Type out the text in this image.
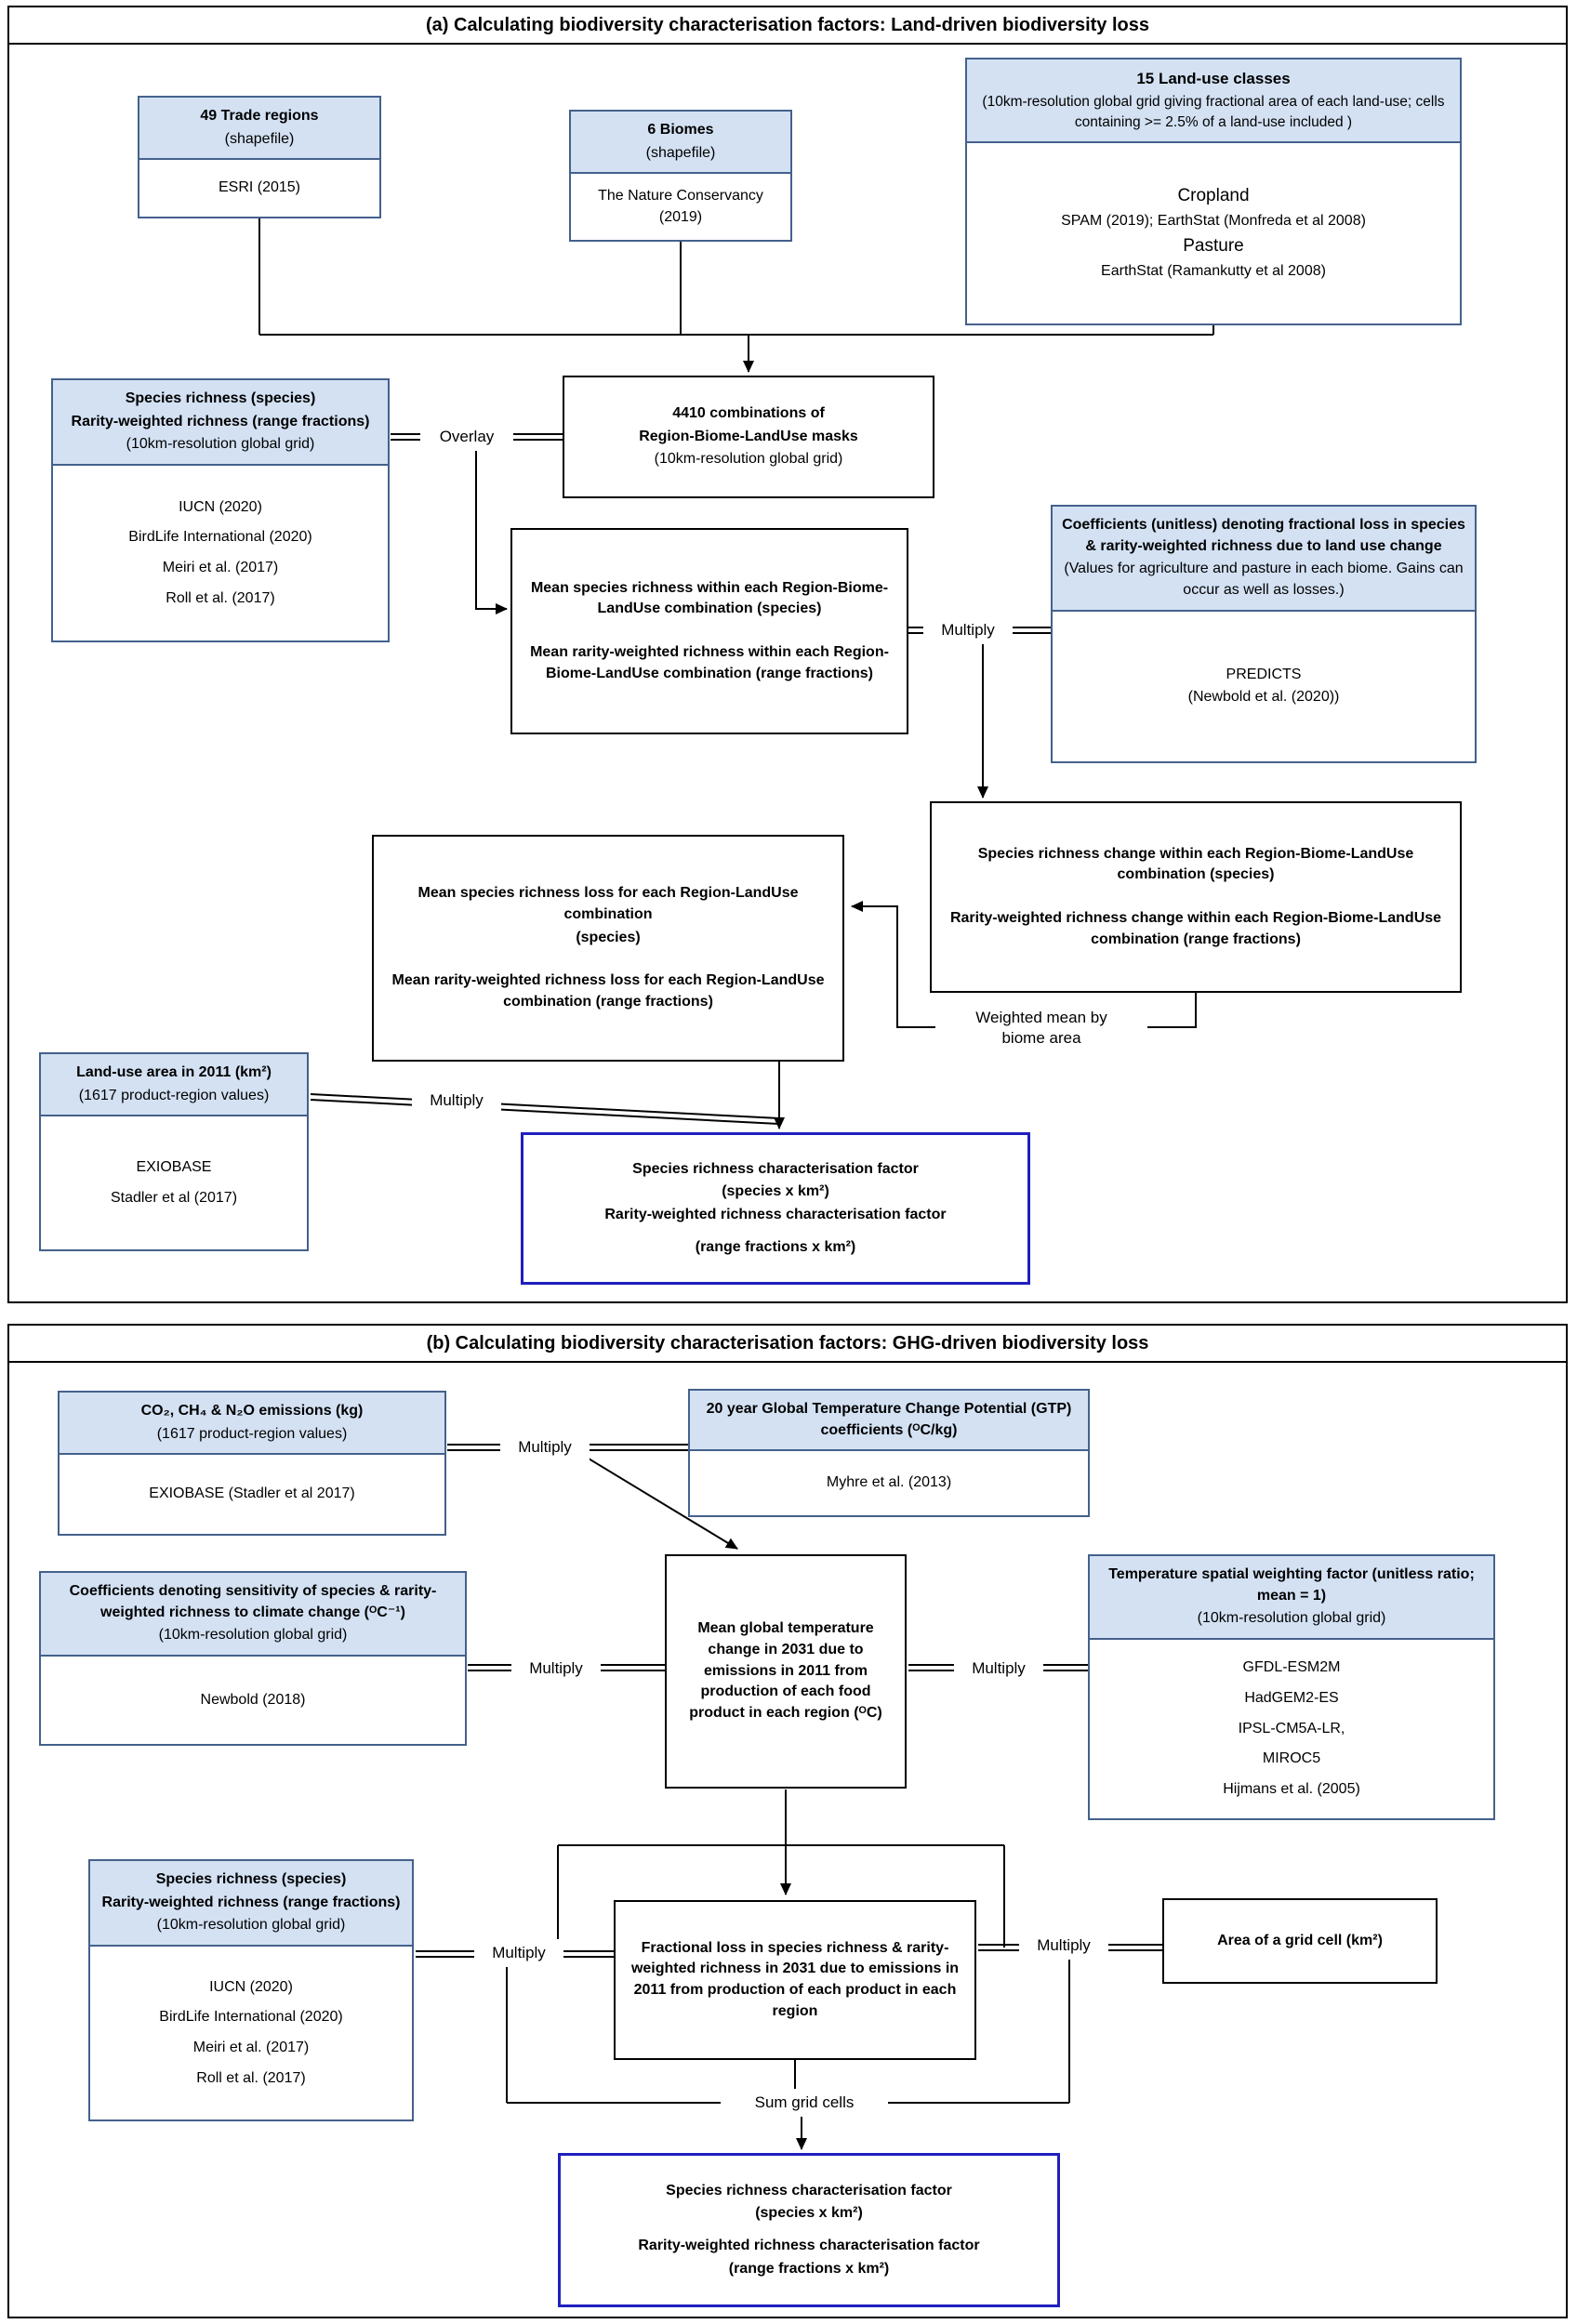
(a) Calculating biodiversity characterisation factors: Land-driven biodiversity loss
49 Trade regions
(shapefile)
ESRI (2015)
6 Biomes
(shapefile)
The Nature Conservancy (2019)
15 Land-use classes
(10km-resolution global grid giving fractional area of each land-use; cells containing >= 2.5% of a land-use included )
Cropland
SPAM (2019); EarthStat (Monfreda et al 2008)
Pasture
EarthStat (Ramankutty et al 2008)
Species richness (species)
Rarity-weighted richness (range fractions)
(10km-resolution global grid)
IUCN (2020)
BirdLife International (2020)
Meiri et al. (2017)
Roll et al. (2017)
4410 combinations of
Region-Biome-LandUse masks
(10km-resolution global grid)
Mean species richness within each Region-Biome-LandUse combination (species)
Mean rarity-weighted richness within each Region-Biome-LandUse combination (range fractions)
Coefficients (unitless) denoting fractional loss in species & rarity-weighted richness due to land use change
(Values for agriculture and pasture in each biome. Gains can occur as well as losses.)
PREDICTS
(Newbold et al. (2020))
Species richness change within each Region-Biome-LandUse combination (species)
Rarity-weighted richness change within each Region-Biome-LandUse combination (range fractions)
Mean species richness loss for each Region-LandUse combination
(species)
Mean rarity-weighted richness loss for each Region-LandUse combination (range fractions)
Land-use area in 2011 (km²)
(1617 product-region values)
EXIOBASE
Stadler et al (2017)
Species richness characterisation factor
(species x km²)
Rarity-weighted richness characterisation factor
(range fractions x km²)
Overlay
Multiply
Weighted mean by
biome area
Multiply
(b) Calculating biodiversity characterisation factors: GHG-driven biodiversity loss
CO₂, CH₄ & N₂O emissions (kg)
(1617 product-region values)
EXIOBASE (Stadler et al 2017)
20 year Global Temperature Change Potential (GTP) coefficients (ᴼC/kg)
Myhre et al. (2013)
Coefficients denoting sensitivity of species & rarity-weighted richness to climate change (ᴼC⁻¹)
(10km-resolution global grid)
Newbold (2018)
Mean global temperature change in 2031 due to emissions in 2011 from production of each food product in each region (ᴼC)
Temperature spatial weighting factor (unitless ratio; mean = 1)
(10km-resolution global grid)
GFDL-ESM2M
HadGEM2-ES
IPSL-CM5A-LR,
MIROC5
Hijmans et al. (2005)
Species richness (species)
Rarity-weighted richness (range fractions)
(10km-resolution global grid)
IUCN (2020)
BirdLife International (2020)
Meiri et al. (2017)
Roll et al. (2017)
Fractional loss in species richness & rarity-weighted richness in 2031 due to emissions in 2011 from production of each product in each region
Area of a grid cell (km²)
Species richness characterisation factor
(species x km²)
Rarity-weighted richness characterisation factor
(range fractions x km²)
Multiply
Multiply	Multiply
Multiply	Multiply
Sum grid cells
